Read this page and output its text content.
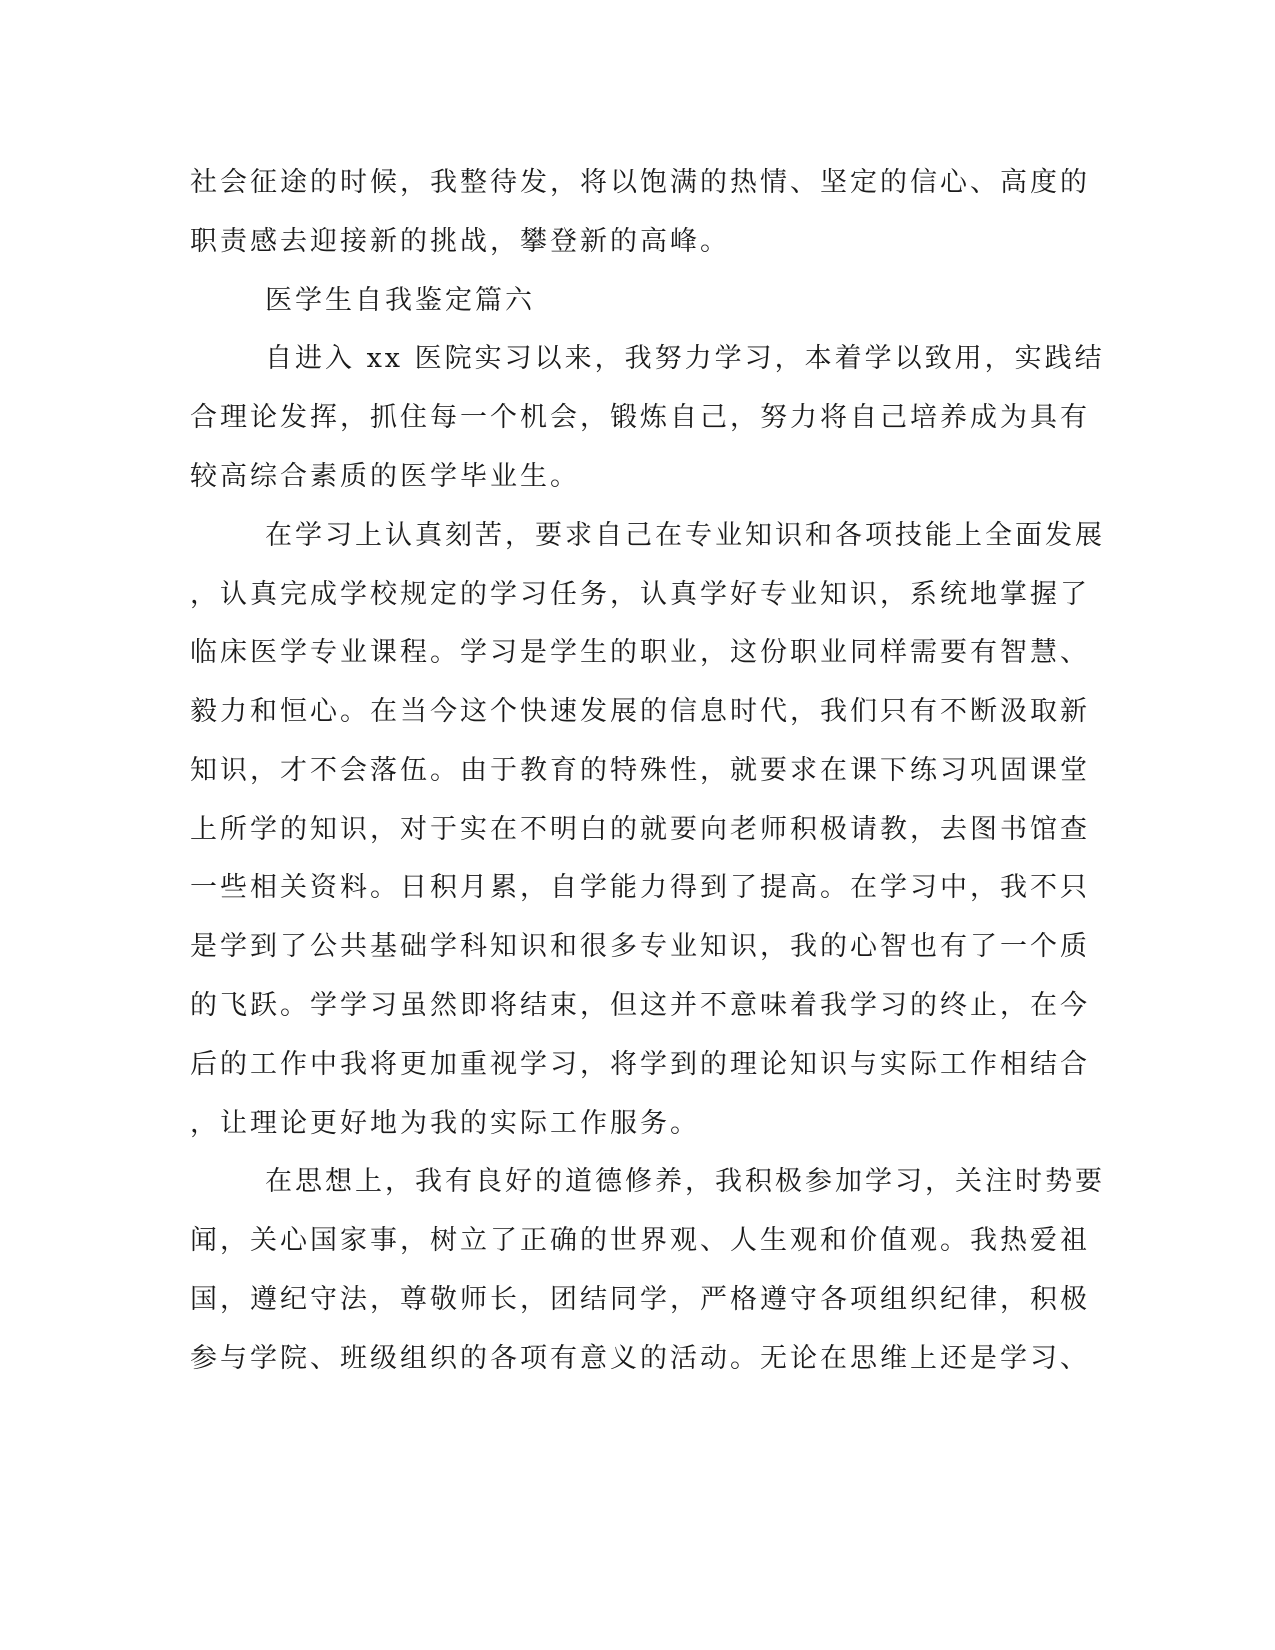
社会征途的时候，我整待发，将以饱满的热情、坚定的信心、高度的

职责感去迎接新的挑战，攀登新的高峰。

医学生自我鉴定篇六

自进入 xx 医院实习以来，我努力学习，本着学以致用，实践结

合理论发挥，抓住每一个机会，锻炼自己，努力将自己培养成为具有

较高综合素质的医学毕业生。

在学习上认真刻苦，要求自己在专业知识和各项技能上全面发展

，认真完成学校规定的学习任务，认真学好专业知识，系统地掌握了

临床医学专业课程。学习是学生的职业，这份职业同样需要有智慧、

毅力和恒心。在当今这个快速发展的信息时代，我们只有不断汲取新

知识，才不会落伍。由于教育的特殊性，就要求在课下练习巩固课堂

上所学的知识，对于实在不明白的就要向老师积极请教，去图书馆查

一些相关资料。日积月累，自学能力得到了提高。在学习中，我不只

是学到了公共基础学科知识和很多专业知识，我的心智也有了一个质

的飞跃。学学习虽然即将结束，但这并不意味着我学习的终止，在今

后的工作中我将更加重视学习，将学到的理论知识与实际工作相结合

，让理论更好地为我的实际工作服务。

在思想上，我有良好的道德修养，我积极参加学习，关注时势要

闻，关心国家事，树立了正确的世界观、人生观和价值观。我热爱祖

国，遵纪守法，尊敬师长，团结同学，严格遵守各项组织纪律，积极

参与学院、班级组织的各项有意义的活动。无论在思维上还是学习、
